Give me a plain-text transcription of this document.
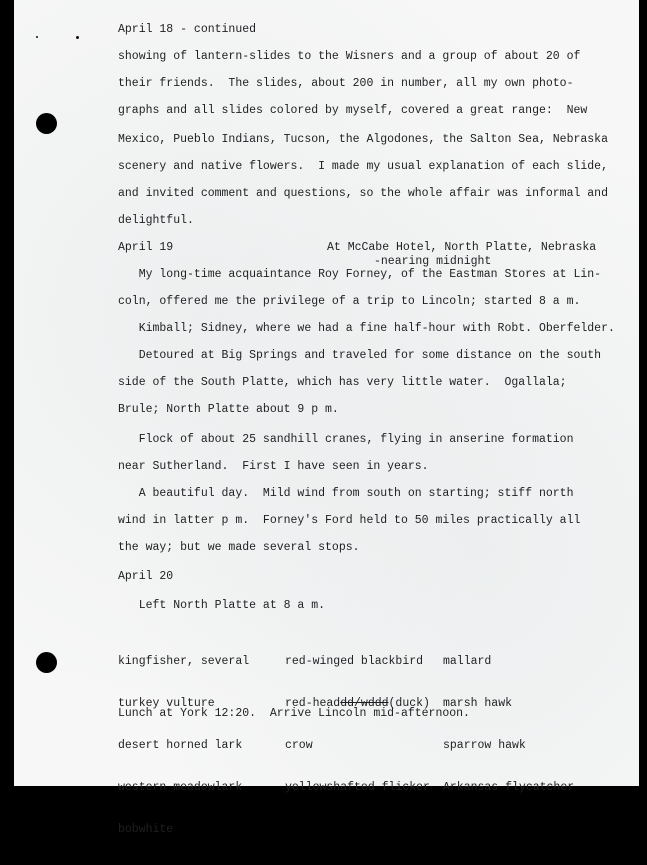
April 18 - continued
showing of lantern-slides to the Wisners and a group of about 20 of
their friends.  The slides, about 200 in number, all my own photo-
graphs and all slides colored by myself, covered a great range:  New
Mexico, Pueblo Indians, Tucson, the Algodones, the Salton Sea, Nebraska
scenery and native flowers.  I made my usual explanation of each slide,
and invited comment and questions, so the whole affair was informal and
delightful.
April 19	At McCabe Hotel, North Platte, Nebraska
-nearing midnight
My long-time acquaintance Roy Forney, of the Eastman Stores at Lin-
coln, offered me the privilege of a trip to Lincoln; started 8 a m.
Kimball; Sidney, where we had a fine half-hour with Robt. Oberfelder.
Detoured at Big Springs and traveled for some distance on the south
side of the South Platte, which has very little water.  Ogallala;
Brule; North Platte about 9 p m.
Flock of about 25 sandhill cranes, flying in anserine formation
near Sutherland.  First I have seen in years.
A beautiful day.  Mild wind from south on starting; stiff north
wind in latter p m.  Forney's Ford held to 50 miles practically all
the way; but we made several stops.
April 20
Left North Platte at 8 a m.

kingfisher, several

turkey vulture

desert horned lark

western meadowlark

bobwhite

red-winged blackbird

red-headdd/wddd(duck)

crow

yellowshafted flicker

mallard

marsh hawk

sparrow hawk

Arkansas flycatcher

Lunch at York 12:20.  Arrive Lincoln mid-afternoon.
